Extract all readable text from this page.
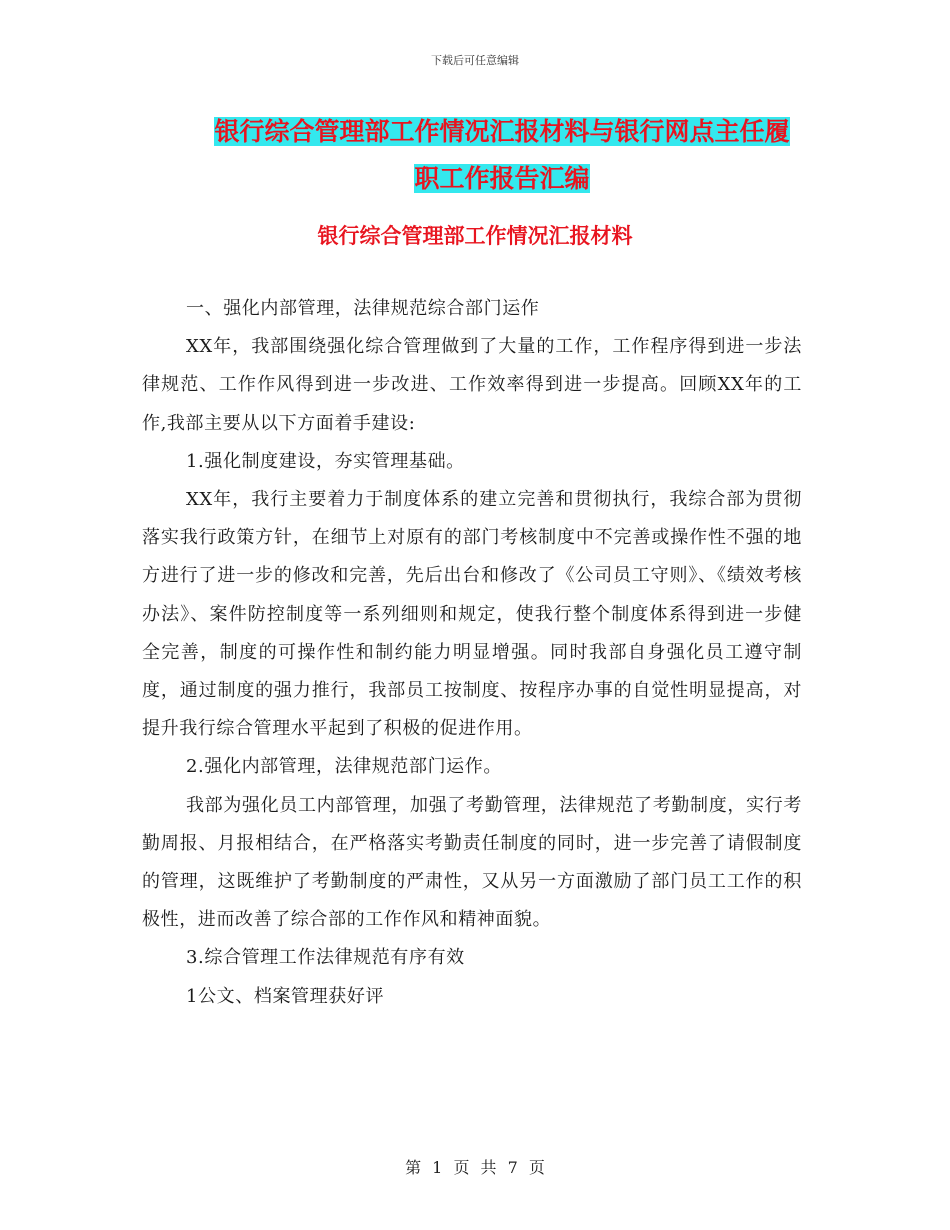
下载后可任意编辑
银行综合管理部工作情况汇报材料与银行网点主任履
职工作报告汇编
银行综合管理部工作情况汇报材料

一、强化内部管理，法律规范综合部门运作

XX年，我部围绕强化综合管理做到了大量的工作，工作程序得到进一步法律规范、工作作风得到进一步改进、工作效率得到进一步提高。回顾XX年的工作,我部主要从以下方面着手建设:

1.强化制度建设，夯实管理基础。

XX年，我行主要着力于制度体系的建立完善和贯彻执行，我综合部为贯彻落实我行政策方针，在细节上对原有的部门考核制度中不完善或操作性不强的地方进行了进一步的修改和完善，先后出台和修改了《公司员工守则》、《绩效考核办法》、案件防控制度等一系列细则和规定，使我行整个制度体系得到进一步健全完善，制度的可操作性和制约能力明显增强。同时我部自身强化员工遵守制度，通过制度的强力推行，我部员工按制度、按程序办事的自觉性明显提高，对提升我行综合管理水平起到了积极的促进作用。

2.强化内部管理，法律规范部门运作。

我部为强化员工内部管理，加强了考勤管理，法律规范了考勤制度，实行考勤周报、月报相结合，在严格落实考勤责任制度的同时，进一步完善了请假制度的管理，这既维护了考勤制度的严肃性，又从另一方面激励了部门员工工作的积极性，进而改善了综合部的工作作风和精神面貌。

3.综合管理工作法律规范有序有效

1公文、档案管理获好评

第 1 页 共 7 页
